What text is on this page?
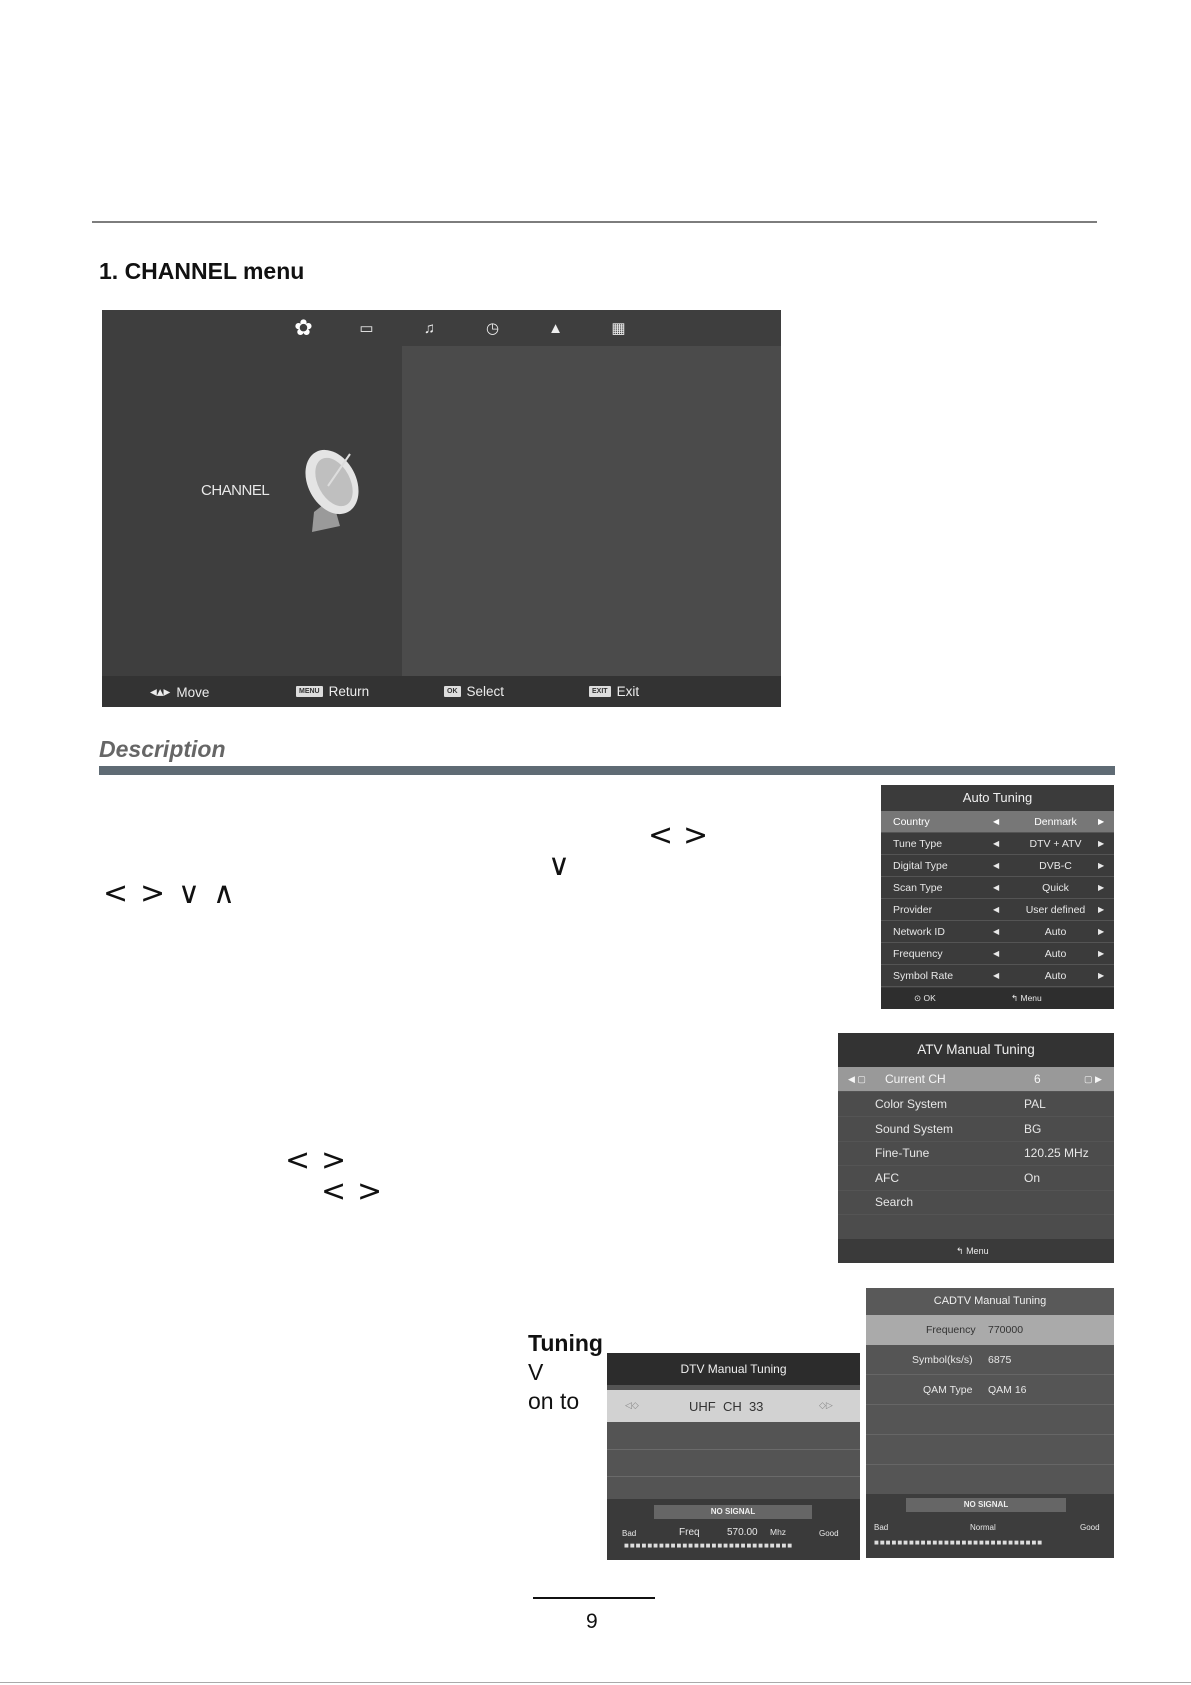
1. CHANNEL menu
✿	▭	♫	◷	▲	▦
CHANNEL
◂▴▸ Move	MENU Return	OK Select	EXIT Exit
Description
< >
∨
< > ∨ ∧
< >
< >
Auto Tuning
Country	◀	Denmark	▶
Tune Type	◀	DTV + ATV	▶
Digital Type	◀	DVB-C	▶
Scan Type	◀	Quick	▶
Provider	◀	User defined	▶
Network ID	◀	Auto	▶
Frequency	◀	Auto	▶
Symbol Rate	◀	Auto	▶
⊙ OK	↰ Menu
ATV Manual Tuning
◀ ▢	Current CH	6	▢ ▶
Color System	PAL
Sound System	BG
Fine-Tune	120.25 MHz
AFC	On
Search
↰ Menu
Tuning
V
on to
DTV Manual Tuning
◁◇	UHF  CH  33	◇▷
NO SIGNAL
Bad	Freq	570.00 Mhz	Good
■■■■■■■■■■■■■■■■■■■■■■■■■■■■■
CADTV Manual Tuning
Frequency 770000
Symbol(ks/s) 6875
QAM Type QAM 16
NO SIGNAL
Bad	Normal	Good
■■■■■■■■■■■■■■■■■■■■■■■■■■■■■
9
